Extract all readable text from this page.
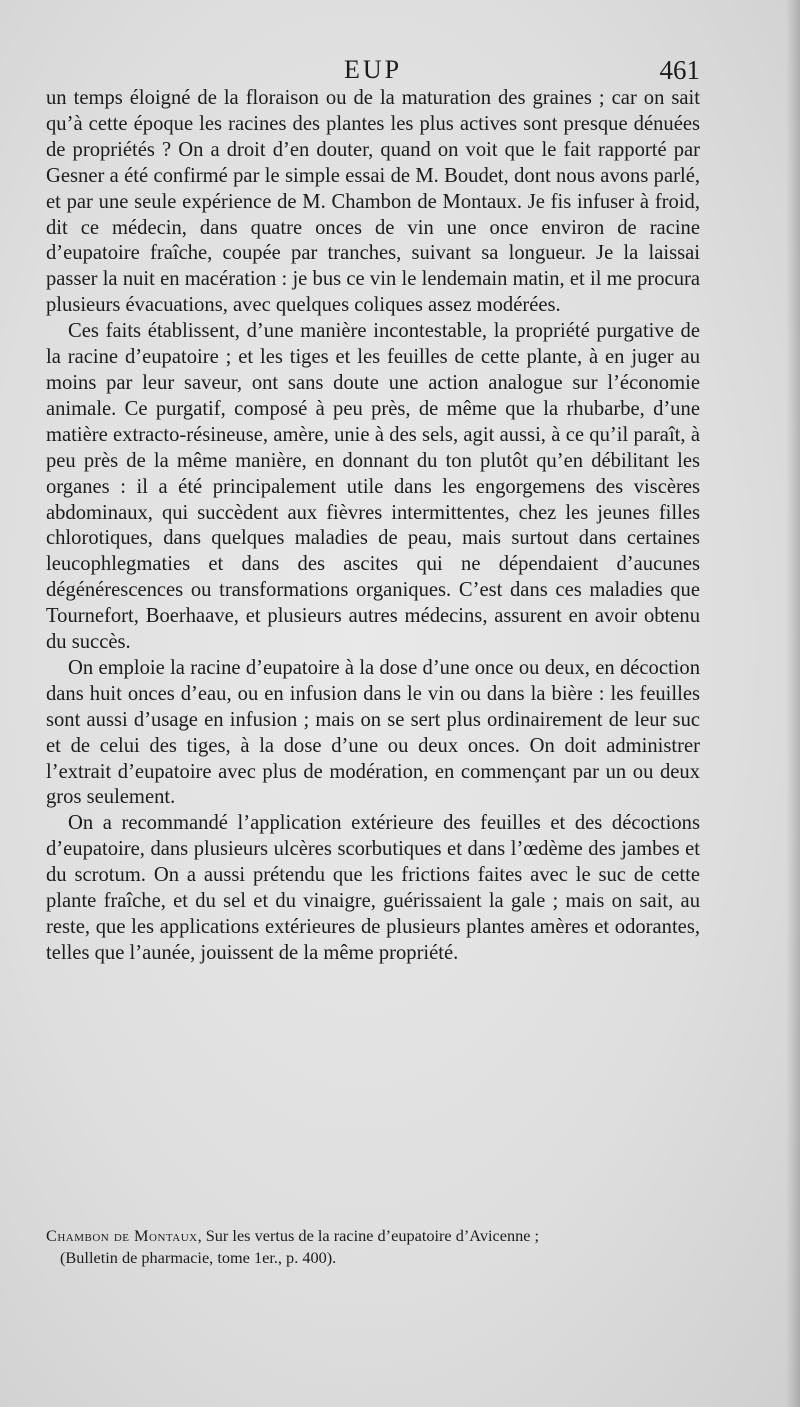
EUP	461

un temps éloigné de la floraison ou de la maturation des graines ; car on sait qu’à cette époque les racines des plantes les plus actives sont presque dénuées de propriétés ? On a droit d’en douter, quand on voit que le fait rapporté par Gesner a été confirmé par le simple essai de M. Boudet, dont nous avons parlé, et par une seule expérience de M. Chambon de Montaux. Je fis infuser à froid, dit ce médecin, dans quatre onces de vin une once environ de racine d’eupatoire fraîche, coupée par tranches, suivant sa longueur. Je la laissai passer la nuit en macération : je bus ce vin le lendemain matin, et il me procura plusieurs évacuations, avec quelques coliques assez modérées.

Ces faits établissent, d’une manière incontestable, la propriété purgative de la racine d’eupatoire ; et les tiges et les feuilles de cette plante, à en juger au moins par leur saveur, ont sans doute une action analogue sur l’économie animale. Ce purgatif, composé à peu près, de même que la rhubarbe, d’une matière extracto-résineuse, amère, unie à des sels, agit aussi, à ce qu’il paraît, à peu près de la même manière, en donnant du ton plutôt qu’en débilitant les organes : il a été principalement utile dans les engorgemens des viscères abdominaux, qui succèdent aux fièvres intermittentes, chez les jeunes filles chlorotiques, dans quelques maladies de peau, mais surtout dans certaines leucophlegmaties et dans des ascites qui ne dépendaient d’aucunes dégénérescences ou transformations organiques. C’est dans ces maladies que Tournefort, Boerhaave, et plusieurs autres médecins, assurent en avoir obtenu du succès.

On emploie la racine d’eupatoire à la dose d’une once ou deux, en décoction dans huit onces d’eau, ou en infusion dans le vin ou dans la bière : les feuilles sont aussi d’usage en infusion ; mais on se sert plus ordinairement de leur suc et de celui des tiges, à la dose d’une ou deux onces. On doit administrer l’extrait d’eupatoire avec plus de modération, en commençant par un ou deux gros seulement.

On a recommandé l’application extérieure des feuilles et des décoctions d’eupatoire, dans plusieurs ulcères scorbutiques et dans l’œdème des jambes et du scrotum. On a aussi prétendu que les frictions faites avec le suc de cette plante fraîche, et du sel et du vinaigre, guérissaient la gale ; mais on sait, au reste, que les applications extérieures de plusieurs plantes amères et odorantes, telles que l’aunée, jouissent de la même propriété.

Chambon de Montaux, Sur les vertus de la racine d’eupatoire d’Avicenne ;
(Bulletin de pharmacie, tome 1er., p. 400).
